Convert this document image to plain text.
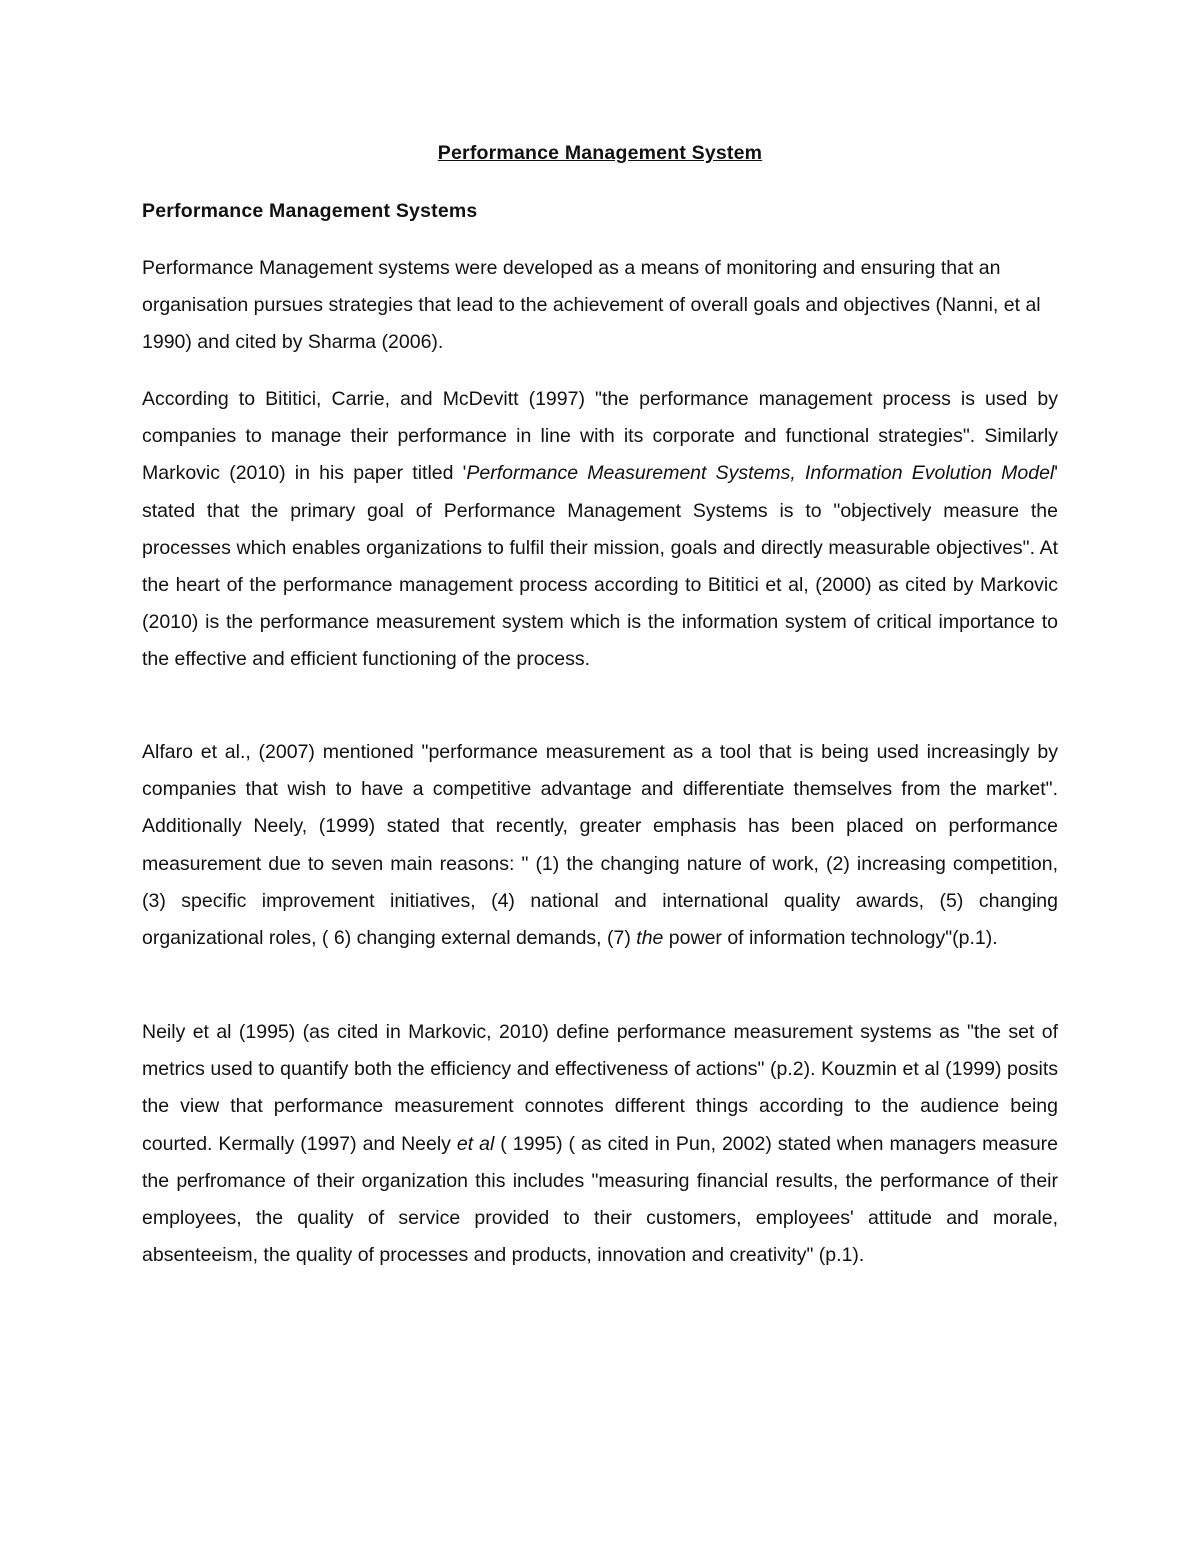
Performance Management System
Performance Management Systems

Performance Management systems were developed as a means of monitoring and ensuring that an organisation pursues strategies that lead to the achievement of overall goals and objectives (Nanni, et al 1990) and cited by Sharma (2006).

According to Bititici, Carrie, and McDevitt (1997) "the performance management process is used by companies to manage their performance in line with its corporate and functional strategies". Similarly Markovic (2010) in his paper titled 'Performance Measurement Systems, Information Evolution Model' stated that the primary goal of Performance Management Systems is to "objectively measure the processes which enables organizations to fulfil their mission, goals and directly measurable objectives". At the heart of the performance management process according to Bititici et al, (2000) as cited by Markovic (2010) is the performance measurement system which is the information system of critical importance to the effective and efficient functioning of the process.

Alfaro et al., (2007) mentioned "performance measurement as a tool that is being used increasingly by companies that wish to have a competitive advantage and differentiate themselves from the market". Additionally Neely, (1999) stated that recently, greater emphasis has been placed on performance measurement due to seven main reasons: " (1) the changing nature of work, (2) increasing competition, (3) specific improvement initiatives, (4) national and international quality awards, (5) changing organizational roles, ( 6) changing external demands, (7) the power of information technology"(p.1).

Neily et al (1995) (as cited in Markovic, 2010) define performance measurement systems as "the set of metrics used to quantify both the efficiency and effectiveness of actions" (p.2). Kouzmin et al (1999) posits the view that performance measurement connotes different things according to the audience being courted. Kermally (1997) and Neely et al ( 1995) ( as cited in Pun, 2002) stated when managers measure the perfromance of their organization this includes "measuring financial results, the performance of their employees, the quality of service provided to their customers, employees' attitude and morale, absenteeism, the quality of processes and products, innovation and creativity" (p.1).
